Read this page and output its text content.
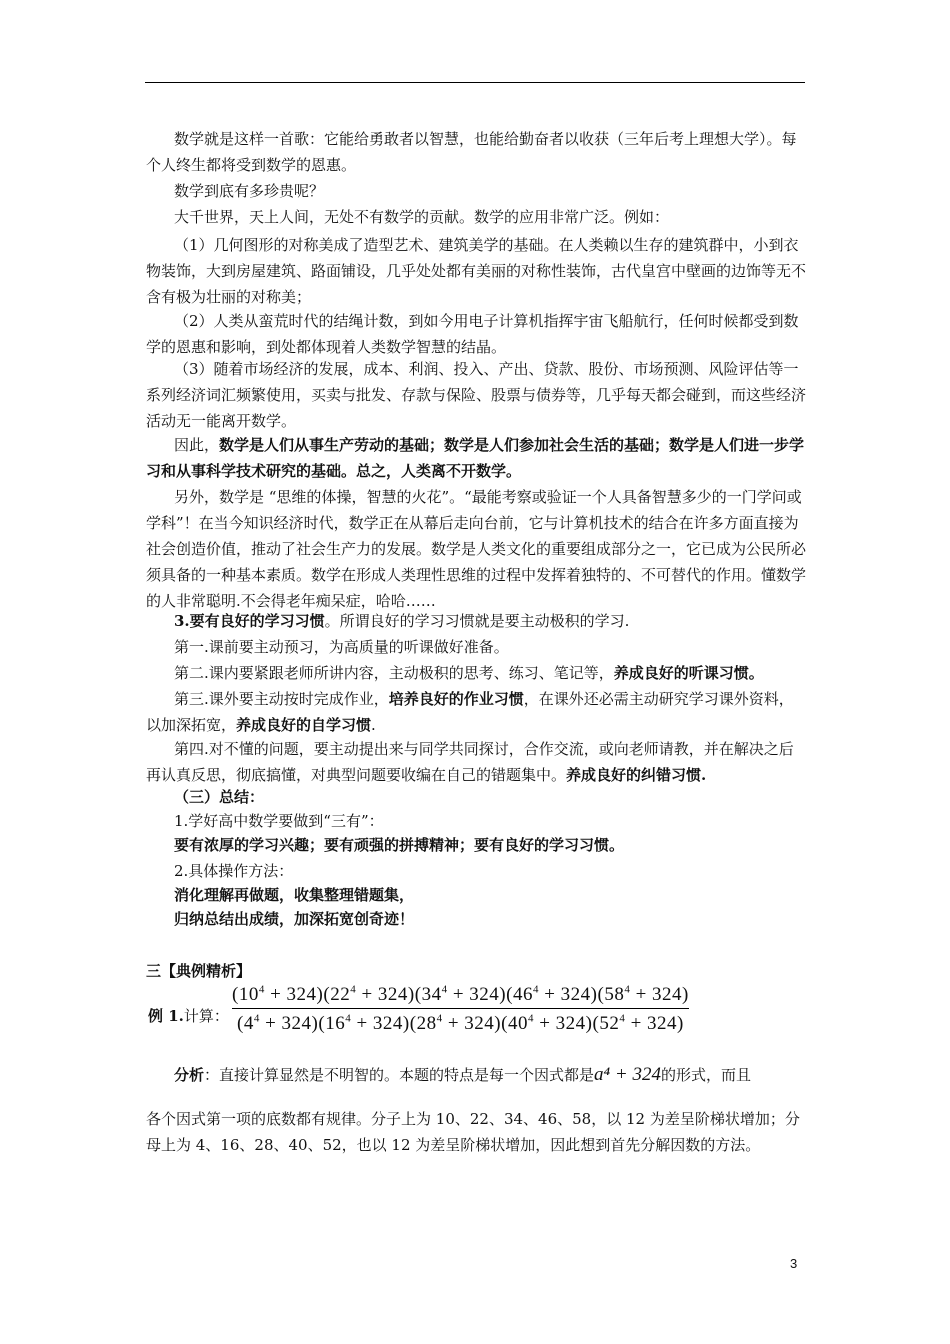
数学就是这样一首歌：它能给勇敢者以智慧，也能给勤奋者以收获（三年后考上理想大学）。每个人终生都将受到数学的恩惠。

数学到底有多珍贵呢？

大千世界，天上人间，无处不有数学的贡献。数学的应用非常广泛。例如：

（1）几何图形的对称美成了造型艺术、建筑美学的基础。在人类赖以生存的建筑群中，小到衣物装饰，大到房屋建筑、路面铺设，几乎处处都有美丽的对称性装饰，古代皇宫中壁画的边饰等无不含有极为壮丽的对称美；

（2）人类从蛮荒时代的结绳计数，到如今用电子计算机指挥宇宙飞船航行，任何时候都受到数学的恩惠和影响，到处都体现着人类数学智慧的结晶。

（3）随着市场经济的发展，成本、利润、投入、产出、贷款、股份、市场预测、风险评估等一系列经济词汇频繁使用，买卖与批发、存款与保险、股票与债券等，几乎每天都会碰到，而这些经济活动无一能离开数学。

因此，数学是人们从事生产劳动的基础；数学是人们参加社会生活的基础；数学是人们进一步学习和从事科学技术研究的基础。总之，人类离不开数学。

另外，数学是 “思维的体操，智慧的火花”。“最能考察或验证一个人具备智慧多少的一门学问或学科”！在当今知识经济时代，数学正在从幕后走向台前，它与计算机技术的结合在许多方面直接为社会创造价值，推动了社会生产力的发展。数学是人类文化的重要组成部分之一，它已成为公民所必须具备的一种基本素质。数学在形成人类理性思维的过程中发挥着独特的、不可替代的作用。懂数学的人非常聪明.不会得老年痴呆症，哈哈……

3.要有良好的学习习惯。所谓良好的学习习惯就是要主动极积的学习.

第一.课前要主动预习，为高质量的听课做好准备。

第二.课内要紧跟老师所讲内容，主动极积的思考、练习、笔记等，养成良好的听课习惯。

第三.课外要主动按时完成作业，培养良好的作业习惯，在课外还必需主动研究学习课外资料，以加深拓宽，养成良好的自学习惯.

第四.对不懂的问题，要主动提出来与同学共同探讨，合作交流，或向老师请教，并在解决之后再认真反思，彻底搞懂，对典型问题要收编在自己的错题集中。养成良好的纠错习惯.

（三）总结：

1.学好高中数学要做到“三有”：

要有浓厚的学习兴趣；要有顽强的拼搏精神；要有良好的学习习惯。

2.具体操作方法：

消化理解再做题，收集整理错题集，

归纳总结出成绩，加深拓宽创奇迹！

三【典例精析】

例 1.计算：

$(10^4 + 324)(22^4 + 324)(34^4 + 324)(46^4 + 324)(58^4 + 324)$
$(4^4 + 324)(16^4 + 324)(28^4 + 324)(40^4 + 324)(52^4 + 324)$

分析：直接计算显然是不明智的。本题的特点是每一个因式都是a⁴ + 324的形式，而且

各个因式第一项的底数都有规律。分子上为 10、22、34、46、58，以 12 为差呈阶梯状增加；分母上为 4、16、28、40、52，也以 12 为差呈阶梯状增加，因此想到首先分解因数的方法。

3
